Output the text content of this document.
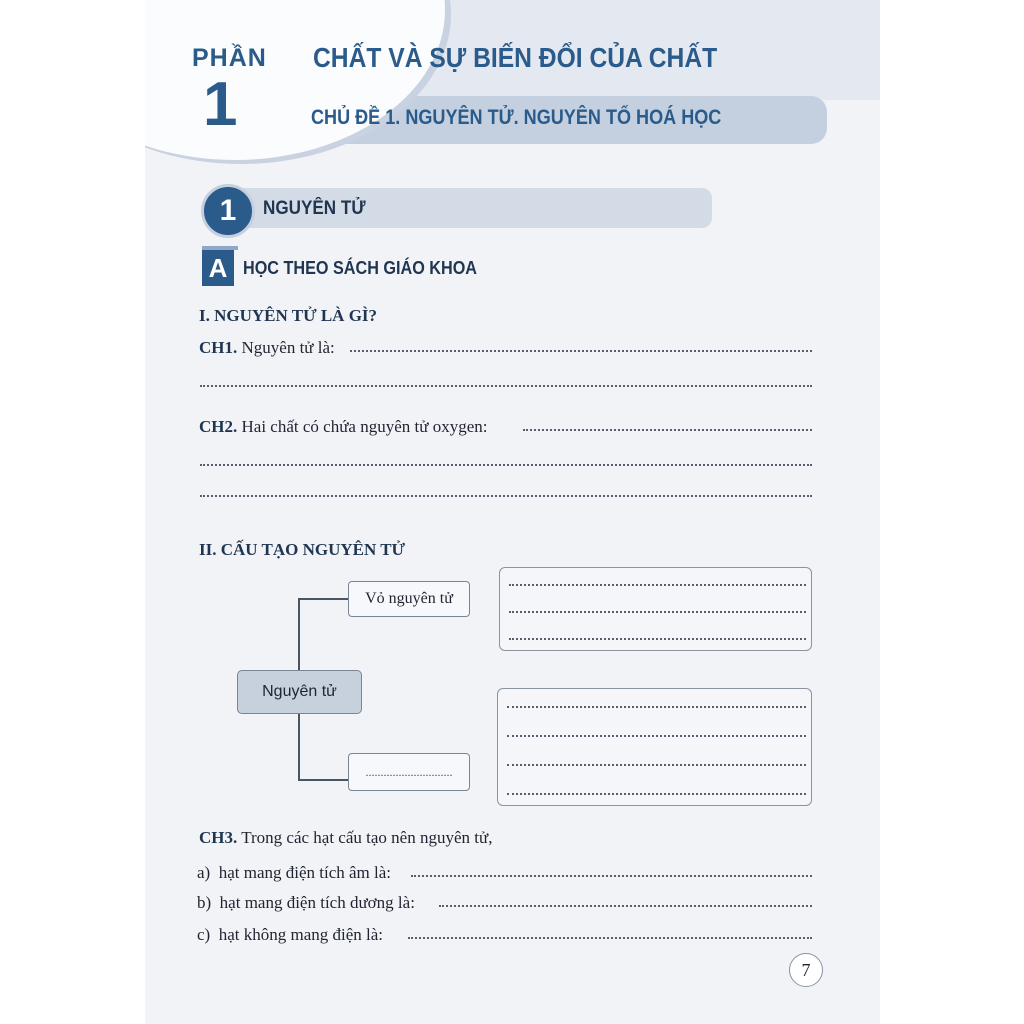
PHẦN
1
CHẤT VÀ SỰ BIẾN ĐỔI CỦA CHẤT
CHỦ ĐỀ 1. NGUYÊN TỬ. NGUYÊN TỐ HOÁ HỌC
1	NGUYÊN TỬ
A HỌC THEO SÁCH GIÁO KHOA
I. NGUYÊN TỬ LÀ GÌ?
CH1. Nguyên tử là:
CH2. Hai chất có chứa nguyên tử oxygen:
II. CẤU TẠO NGUYÊN TỬ
Vỏ nguyên tử
.............................
Nguyên tử
CH3. Trong các hạt cấu tạo nên nguyên tử,
a) hạt mang điện tích âm là:
b) hạt mang điện tích dương là:
c) hạt không mang điện là:
7
